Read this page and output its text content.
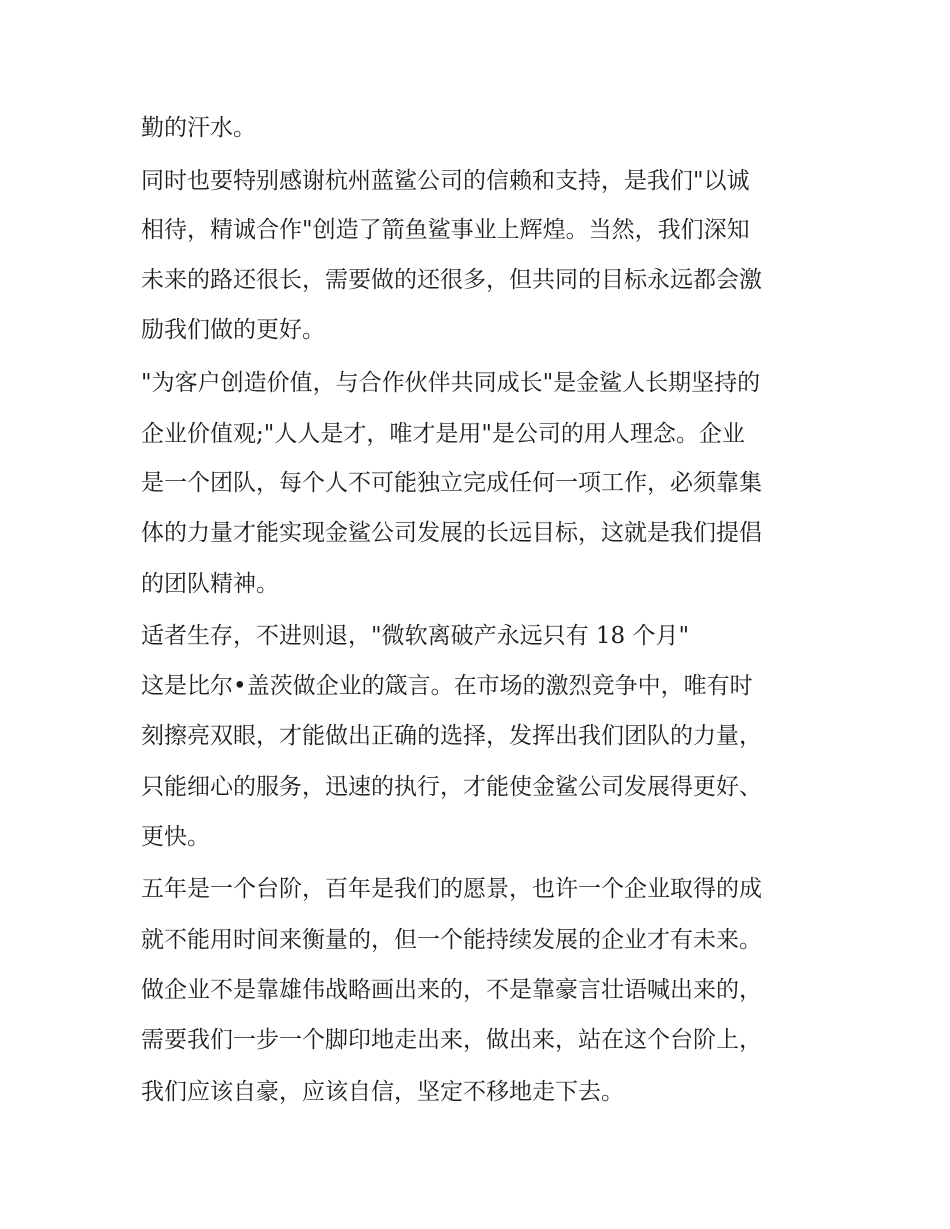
勤的汗水。

同时也要特别感谢杭州蓝鲨公司的信赖和支持，是我们"以诚

相待，精诚合作"创造了箭鱼鲨事业上辉煌。当然，我们深知

未来的路还很长，需要做的还很多，但共同的目标永远都会激

励我们做的更好。

"为客户创造价值，与合作伙伴共同成长"是金鲨人长期坚持的

企业价值观;"人人是才，唯才是用"是公司的用人理念。企业

是一个团队，每个人不可能独立完成任何一项工作，必须靠集

体的力量才能实现金鲨公司发展的长远目标，这就是我们提倡

的团队精神。

适者生存，不进则退，"微软离破产永远只有 18 个月"

这是比尔•盖茨做企业的箴言。在市场的激烈竞争中，唯有时

刻擦亮双眼，才能做出正确的选择，发挥出我们团队的力量，

只能细心的服务，迅速的执行，才能使金鲨公司发展得更好、

更快。

五年是一个台阶，百年是我们的愿景，也许一个企业取得的成

就不能用时间来衡量的，但一个能持续发展的企业才有未来。

做企业不是靠雄伟战略画出来的，不是靠豪言壮语喊出来的，

需要我们一步一个脚印地走出来，做出来，站在这个台阶上，

我们应该自豪，应该自信，坚定不移地走下去。
